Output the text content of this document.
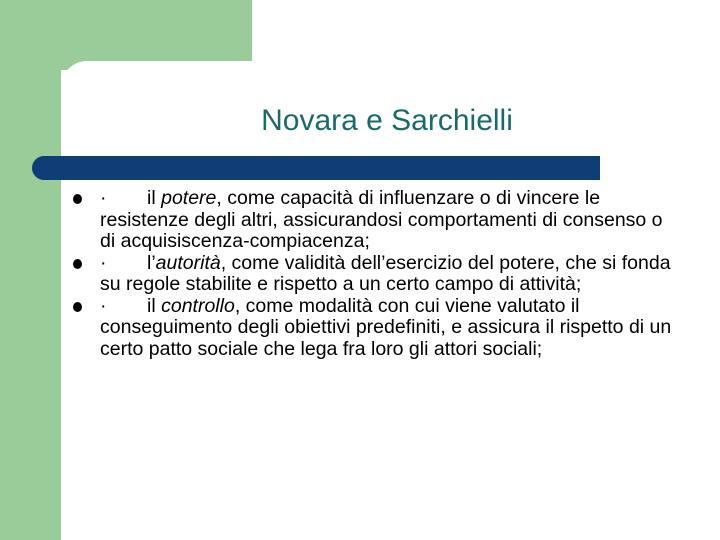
Novara e Sarchielli
· il potere, come capacità di influenzare o di vincere le resistenze degli altri, assicurandosi comportamenti di consenso o di acquisiscenza-compiacenza;
· l’autorità, come validità dell’esercizio del potere, che si fonda su regole stabilite e rispetto a un certo campo di attività;
· il controllo, come modalità con cui viene valutato il conseguimento degli obiettivi predefiniti, e assicura il rispetto di un certo patto sociale che lega fra loro gli attori sociali;
